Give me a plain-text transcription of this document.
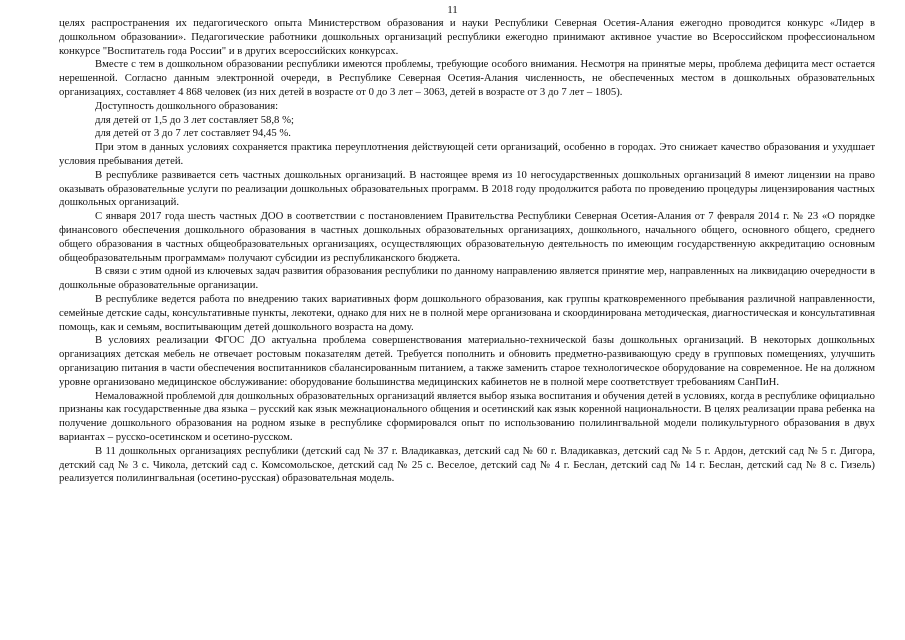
11

целях распространения их педагогического опыта Министерством образования и науки Республики Северная Осетия-Алания ежегодно проводится конкурс «Лидер в дошкольном образовании». Педагогические работники дошкольных организаций республики ежегодно принимают активное участие во Всероссийском профессиональном конкурсе "Воспитатель года России" и в других всероссийских конкурсах.

Вместе с тем в дошкольном образовании республики имеются проблемы, требующие особого внимания. Несмотря на принятые меры, проблема дефицита мест остается нерешенной. Согласно данным электронной очереди, в Республике Северная Осетия-Алания численность, не обеспеченных местом в дошкольных образовательных организациях, составляет 4 868 человек (из них детей в возрасте от 0 до 3 лет – 3063, детей в возрасте от 3 до 7 лет – 1805).

Доступность дошкольного образования:

для детей от 1,5 до 3 лет составляет 58,8 %;

для детей от 3 до 7 лет составляет 94,45 %.

При этом в данных условиях сохраняется практика переуплотнения действующей сети организаций, особенно в городах. Это снижает качество образования и ухудшает условия пребывания детей.

В республике развивается сеть частных дошкольных организаций. В настоящее время из 10 негосударственных дошкольных организаций 8 имеют лицензии на право оказывать образовательные услуги по реализации дошкольных образовательных программ. В 2018 году продолжится работа по проведению процедуры лицензирования частных дошкольных организаций.

С января 2017 года шесть частных ДОО в соответствии с постановлением Правительства Республики Северная Осетия-Алания от 7 февраля 2014 г. № 23 «О порядке финансового обеспечения дошкольного образования в частных дошкольных образовательных организациях, дошкольного, начального общего, основного общего, среднего общего образования в частных общеобразовательных организациях, осуществляющих образовательную деятельность по имеющим государственную аккредитацию основным общеобразовательным программам» получают субсидии из республиканского бюджета.

В связи с этим одной из ключевых задач развития образования республики по данному направлению является принятие мер, направленных на ликвидацию очередности в дошкольные образовательные организации.

В республике ведется работа по внедрению таких вариативных форм дошкольного образования, как группы кратковременного пребывания различной направленности, семейные детские сады, консультативные пункты, лекотеки, однако для них не в полной мере организована и скоординирована методическая, диагностическая и консультативная помощь, как и семьям, воспитывающим детей дошкольного возраста на дому.

В условиях реализации ФГОС ДО актуальна проблема совершенствования материально-технической базы дошкольных организаций. В некоторых дошкольных организациях детская мебель не отвечает ростовым показателям детей. Требуется пополнить и обновить предметно-развивающую среду в групповых помещениях, улучшить организацию питания в части обеспечения воспитанников сбалансированным питанием, а также заменить старое технологическое оборудование на современное. Не на должном уровне организовано медицинское обслуживание: оборудование большинства медицинских кабинетов не в полной мере соответствует требованиям СанПиН.

Немаловажной проблемой для дошкольных образовательных организаций является выбор языка воспитания и обучения детей в условиях, когда в республике официально признаны как государственные два языка – русский как язык межнационального общения и осетинский как язык коренной национальности. В целях реализации права ребенка на получение дошкольного образования на родном языке в республике сформировался опыт по использованию полилингвальной модели поликультурного образования в двух вариантах – русско-осетинском и осетино-русском.

В 11 дошкольных организациях республики (детский сад № 37 г. Владикавказ, детский сад № 60 г. Владикавказ, детский сад № 5 г. Ардон, детский сад № 5 г. Дигора, детский сад № 3 с. Чикола, детский сад с. Комсомольское, детский сад № 25 с. Веселое, детский сад № 4 г. Беслан, детский сад № 14 г. Беслан, детский сад № 8 с. Гизель) реализуется полилингвальная (осетино-русская) образовательная модель.
